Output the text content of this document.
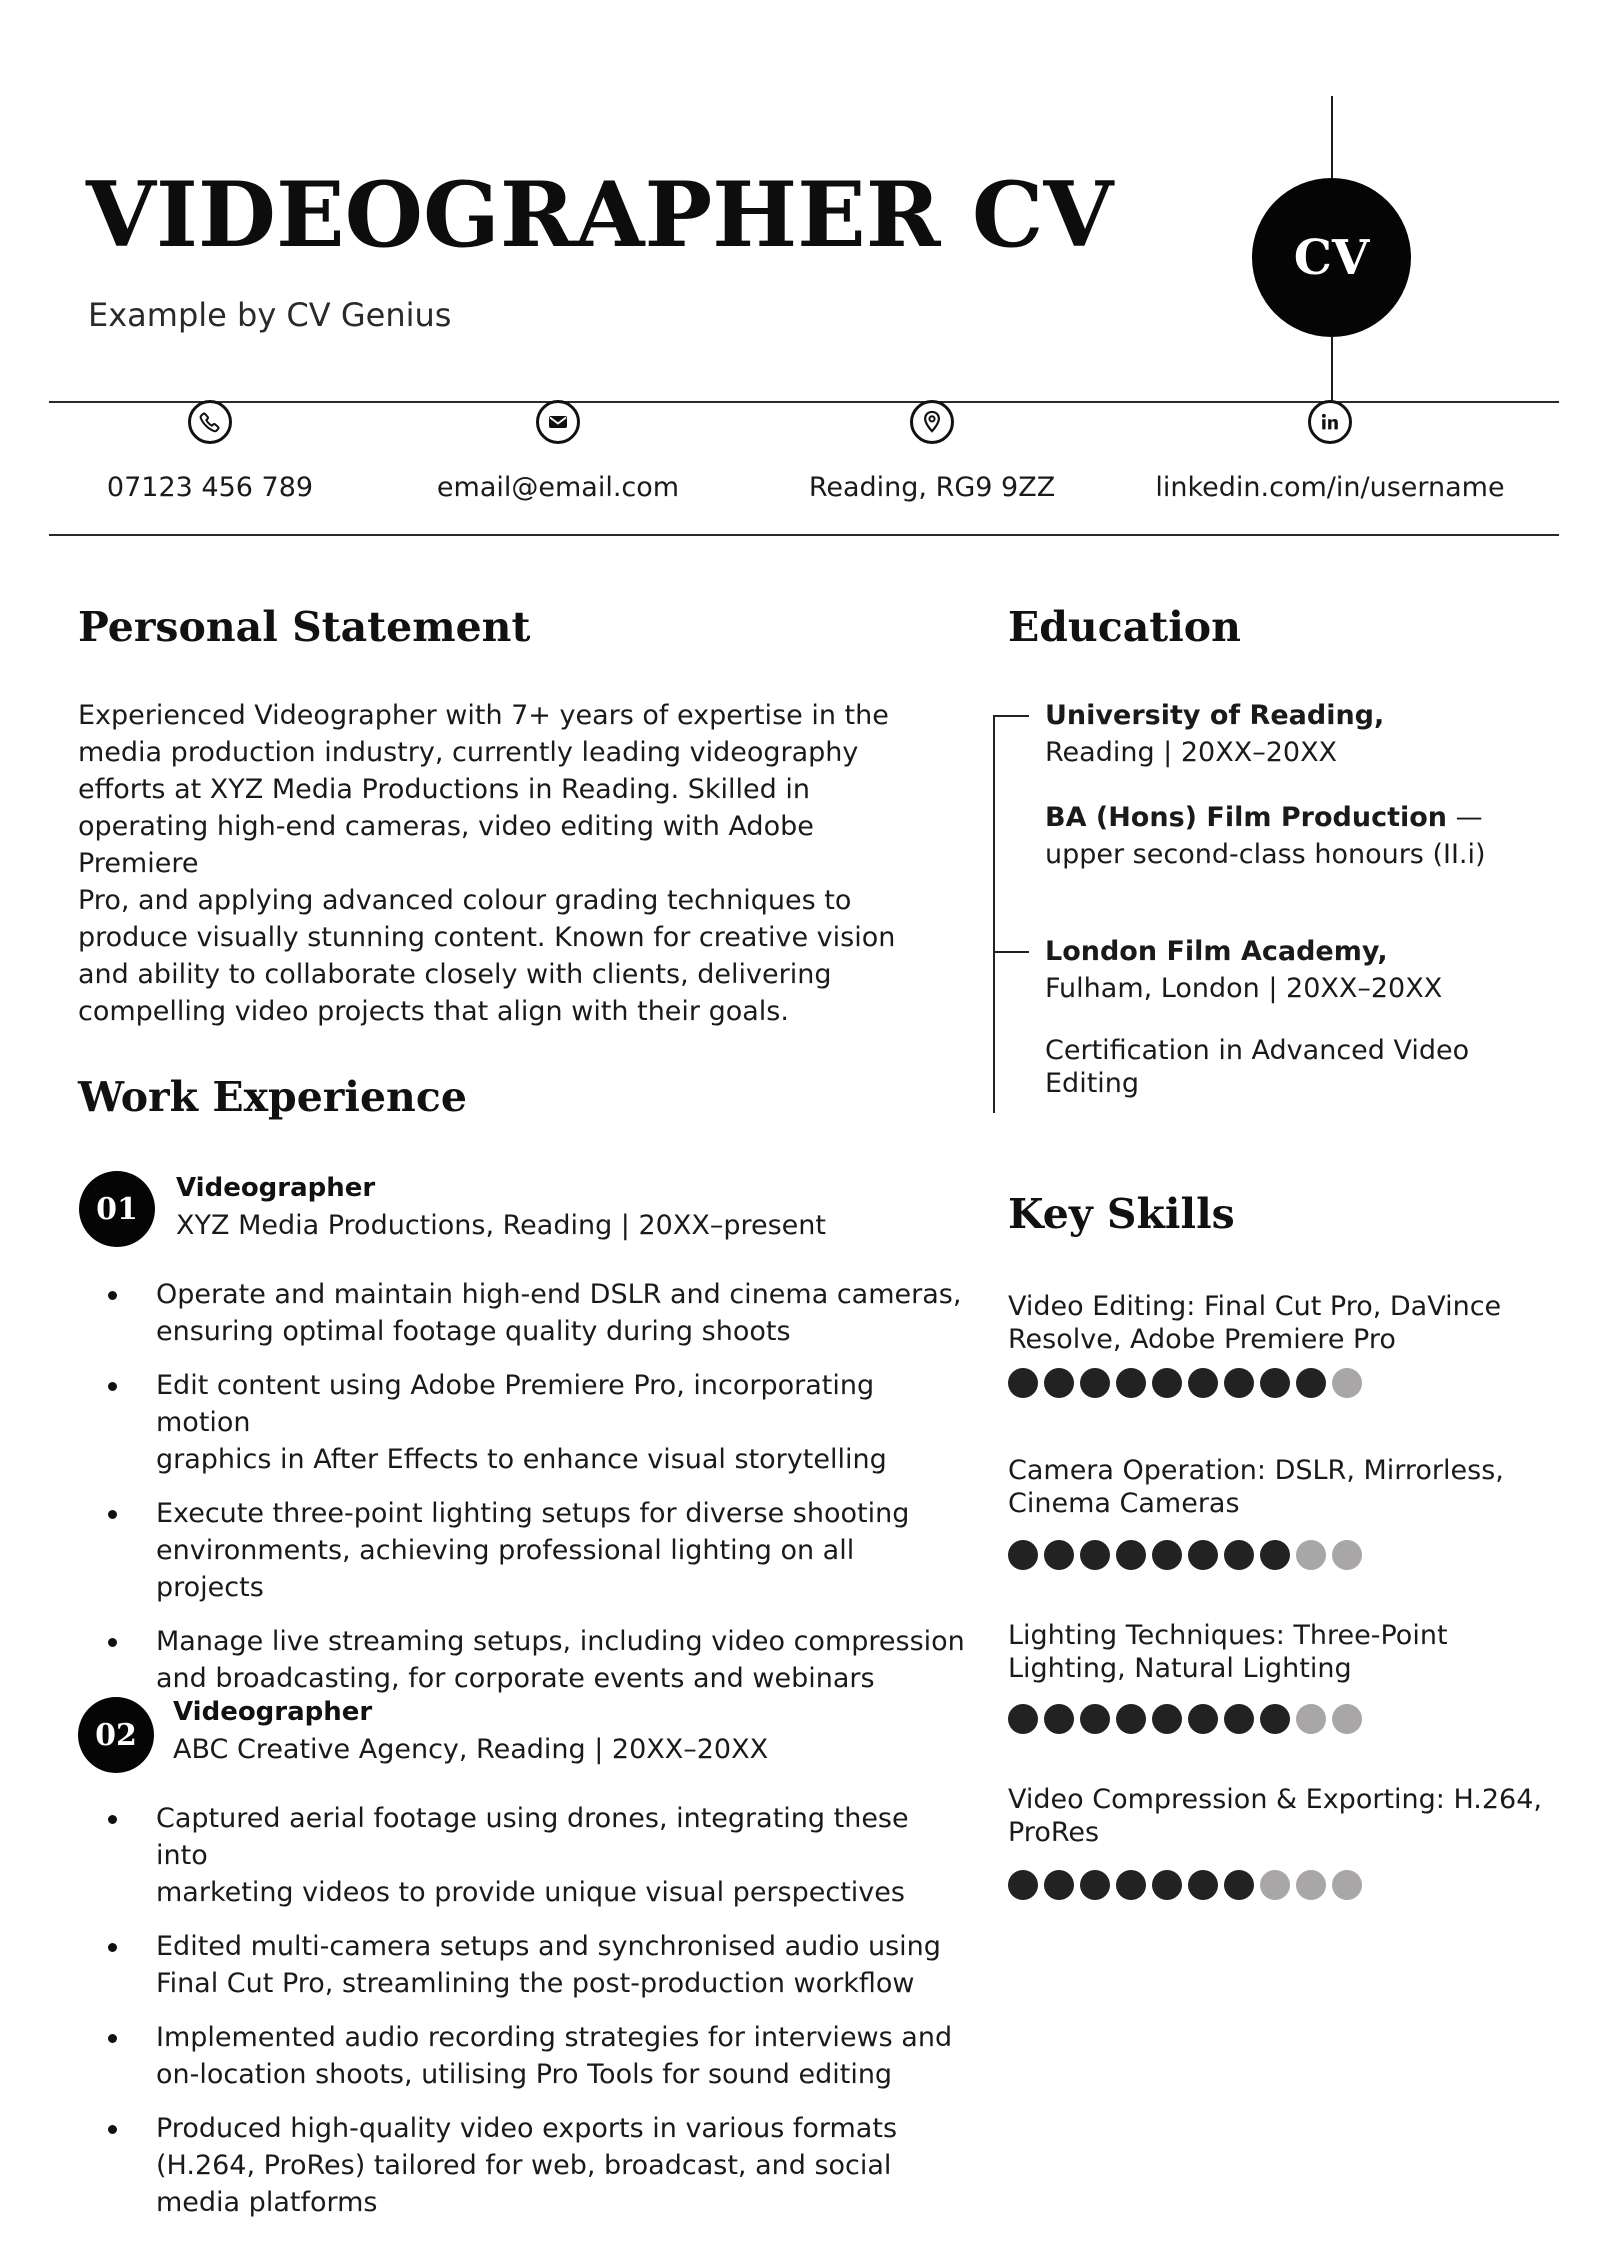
VIDEOGRAPHER CV
Example by CV Genius
CV
07123 456 789	email@email.com	Reading, RG9 9ZZ	linkedin.com/in/username
Personal Statement
Experienced Videographer with 7+ years of expertise in the
media production industry, currently leading videography
efforts at XYZ Media Productions in Reading. Skilled in
operating high-end cameras, video editing with Adobe Premiere
Pro, and applying advanced colour grading techniques to
produce visually stunning content. Known for creative vision
and ability to collaborate closely with clients, delivering
compelling video projects that align with their goals.
Work Experience
01
Videographer
XYZ Media Productions, Reading | 20XX–present
Operate and maintain high-end DSLR and cinema cameras,
ensuring optimal footage quality during shoots
Edit content using Adobe Premiere Pro, incorporating motion
graphics in After Effects to enhance visual storytelling
Execute three-point lighting setups for diverse shooting
environments, achieving professional lighting on all projects
Manage live streaming setups, including video compression
and broadcasting, for corporate events and webinars
02
Videographer
ABC Creative Agency, Reading | 20XX–20XX
Captured aerial footage using drones, integrating these into
marketing videos to provide unique visual perspectives
Edited multi-camera setups and synchronised audio using
Final Cut Pro, streamlining the post-production workflow
Implemented audio recording strategies for interviews and
on-location shoots, utilising Pro Tools for sound editing
Produced high-quality video exports in various formats
(H.264, ProRes) tailored for web, broadcast, and social
media platforms
Education
University of Reading,
Reading | 20XX–20XX
BA (Hons) Film Production —
upper second-class honours (II.i)
London Film Academy,
Fulham, London | 20XX–20XX
Certification in Advanced Video
Editing
Key Skills
Video Editing: Final Cut Pro, DaVince
Resolve, Adobe Premiere Pro
Camera Operation: DSLR, Mirrorless,
Cinema Cameras
Lighting Techniques: Three-Point
Lighting, Natural Lighting
Video Compression & Exporting: H.264,
ProRes
